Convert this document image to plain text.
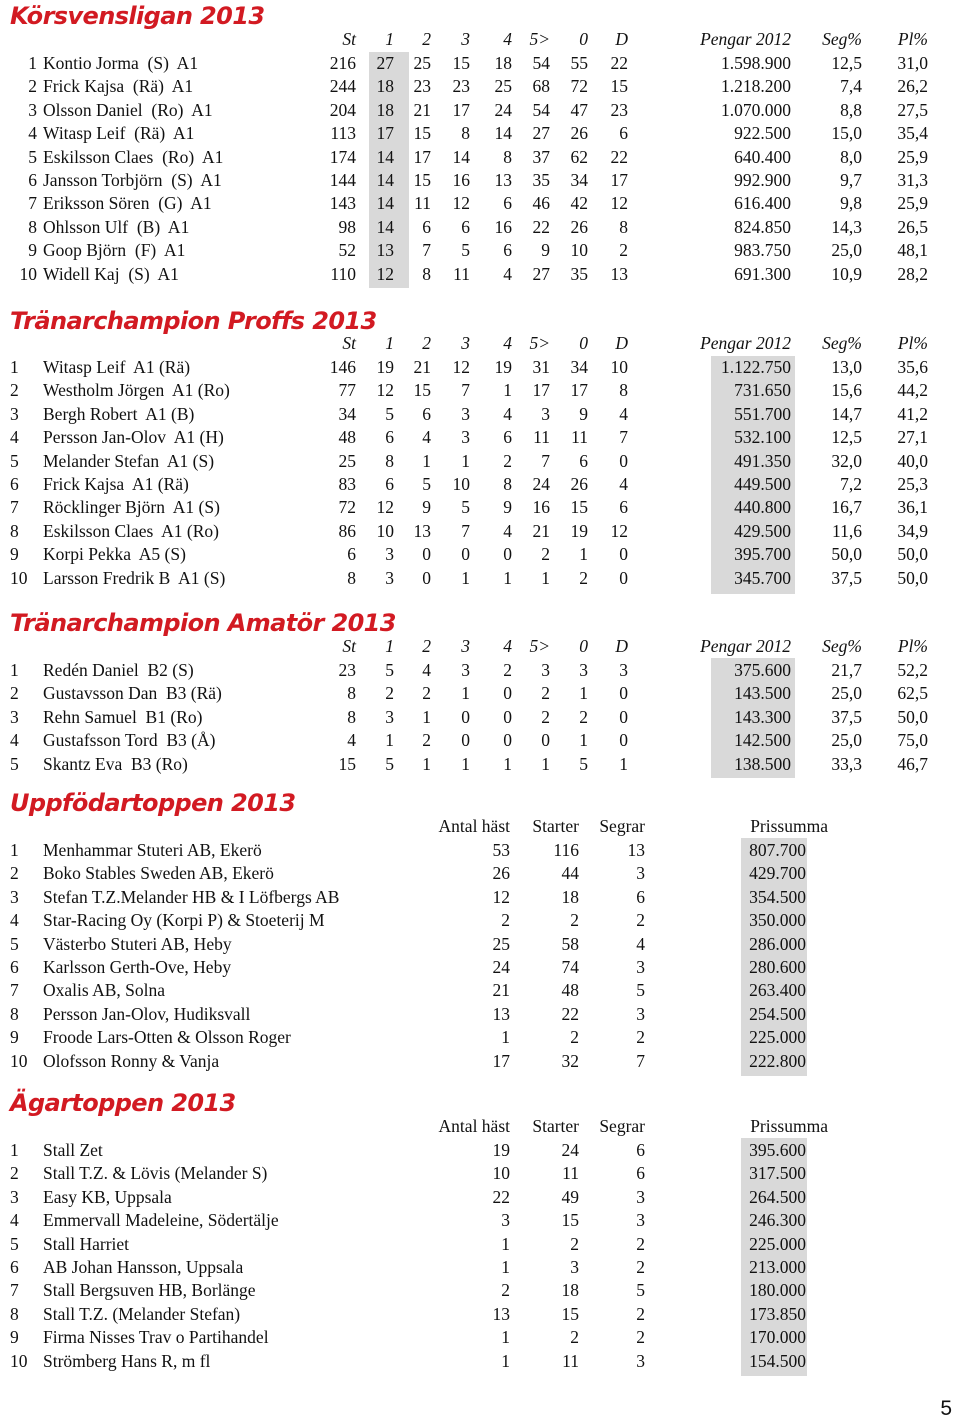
Körsvensligan 2013
St 1 2 3 4 5> 0 D	Pengar 2012 Seg% Pl%
1 Kontio Jorma  (S)  A1	216 27 25 15 18 54 55 22	1.598.900 12,5 31,0
2 Frick Kajsa  (Rä)  A1	244 18 23 23 25 68 72 15	1.218.200	7,4 26,2
3 Olsson Daniel  (Ro)  A1	204 18 21 17 24 54 47 23	1.070.000	8,8 27,5
4 Witasp Leif  (Rä)  A1	113 17 15 8 14 27 26 6	922.500 15,0 35,4
5 Eskilsson Claes  (Ro)  A1	174 14 17 14 8 37 62 22	640.400	8,0 25,9
6 Jansson Torbjörn  (S)  A1	144 14 15 16 13 35 34 17	992.900	9,7 31,3
7 Eriksson Sören  (G)  A1	143 14 11 12 6 46 42 12	616.400	9,8 25,9
8 Ohlsson Ulf  (B)  A1	98 14 6 6 16 22 26 8	824.850 14,3 26,5
9 Goop Björn  (F)  A1	52 13 7 5 6 9 10 2	983.750 25,0 48,1
10 Widell Kaj  (S)  A1	110 12 8 11 4 27 35 13	691.300 10,9 28,2
Tränarchampion Proffs 2013
St 1 2 3 4 5> 0 D	Pengar 2012 Seg% Pl%
1 Witasp Leif  A1 (Rä)	146 19 21 12 19 31 34 10	1.122.750 13,0 35,6
2 Westholm Jörgen  A1 (Ro)	77 12 15 7 1 17 17 8	731.650 15,6 44,2
3 Bergh Robert  A1 (B)	34 5 6 3 4 3 9 4	551.700 14,7 41,2
4 Persson Jan-Olov  A1 (H)	48 6 4 3 6 11 11 7	532.100 12,5 27,1
5 Melander Stefan  A1 (S)	25 8 1 1 2 7 6 0	491.350 32,0 40,0
6 Frick Kajsa  A1 (Rä)	83 6 5 10 8 24 26 4	449.500	7,2 25,3
7 Röcklinger Björn  A1 (S)	72 12 9 5 9 16 15 6	440.800 16,7 36,1
8 Eskilsson Claes  A1 (Ro)	86 10 13 7 4 21 19 12	429.500 11,6 34,9
9 Korpi Pekka  A5 (S)	6 3 0 0 0 2 1 0	395.700 50,0 50,0
10 Larsson Fredrik B  A1 (S)	8 3 0 1 1 1 2 0	345.700 37,5 50,0
Tränarchampion Amatör 2013
St 1 2 3 4 5> 0 D	Pengar 2012 Seg% Pl%
1 Redén Daniel  B2 (S)	23 5 4 3 2 3 3 3	375.600 21,7 52,2
2 Gustavsson Dan  B3 (Rä)	8 2 2 1 0 2 1 0	143.500 25,0 62,5
3 Rehn Samuel  B1 (Ro)	8 3 1 0 0 2 2 0	143.300 37,5 50,0
4 Gustafsson Tord  B3 (Å)	4 1 2 0 0 0 1 0	142.500 25,0 75,0
5 Skantz Eva  B3 (Ro)	15 5 1 1 1 1 5 1	138.500 33,3 46,7
Uppfödartoppen 2013
Antal häst Starter Segrar	Prissumma
1 Menhammar Stuteri AB, Ekerö	53 116	13	807.700
2 Boko Stables Sweden AB, Ekerö	26	44	3	429.700
3 Stefan T.Z.Melander HB & I Löfbergs AB	12	18	6	354.500
4 Star-Racing Oy (Korpi P) & Stoeterij M	2	2	2	350.000
5 Västerbo Stuteri AB, Heby	25	58	4	286.000
6 Karlsson Gerth-Ove, Heby	24	74	3	280.600
7 Oxalis AB, Solna	21	48	5	263.400
8 Persson Jan-Olov, Hudiksvall	13	22	3	254.500
9 Froode Lars-Otten & Olsson Roger	1	2	2	225.000
10 Olofsson Ronny & Vanja	17	32	7	222.800
Ägartoppen 2013
Antal häst Starter Segrar	Prissumma
1 Stall Zet	19	24	6	395.600
2 Stall T.Z. & Lövis (Melander S)	10	11	6	317.500
3 Easy KB, Uppsala	22	49	3	264.500
4 Emmervall Madeleine, Södertälje	3	15	3	246.300
5 Stall Harriet	1	2	2	225.000
6 AB Johan Hansson, Uppsala	1	3	2	213.000
7 Stall Bergsuven HB, Borlänge	2	18	5	180.000
8 Stall T.Z. (Melander Stefan)	13	15	2	173.850
9 Firma Nisses Trav o Partihandel	1	2	2	170.000
10 Strömberg Hans R, m fl	1	11	3	154.500
5
